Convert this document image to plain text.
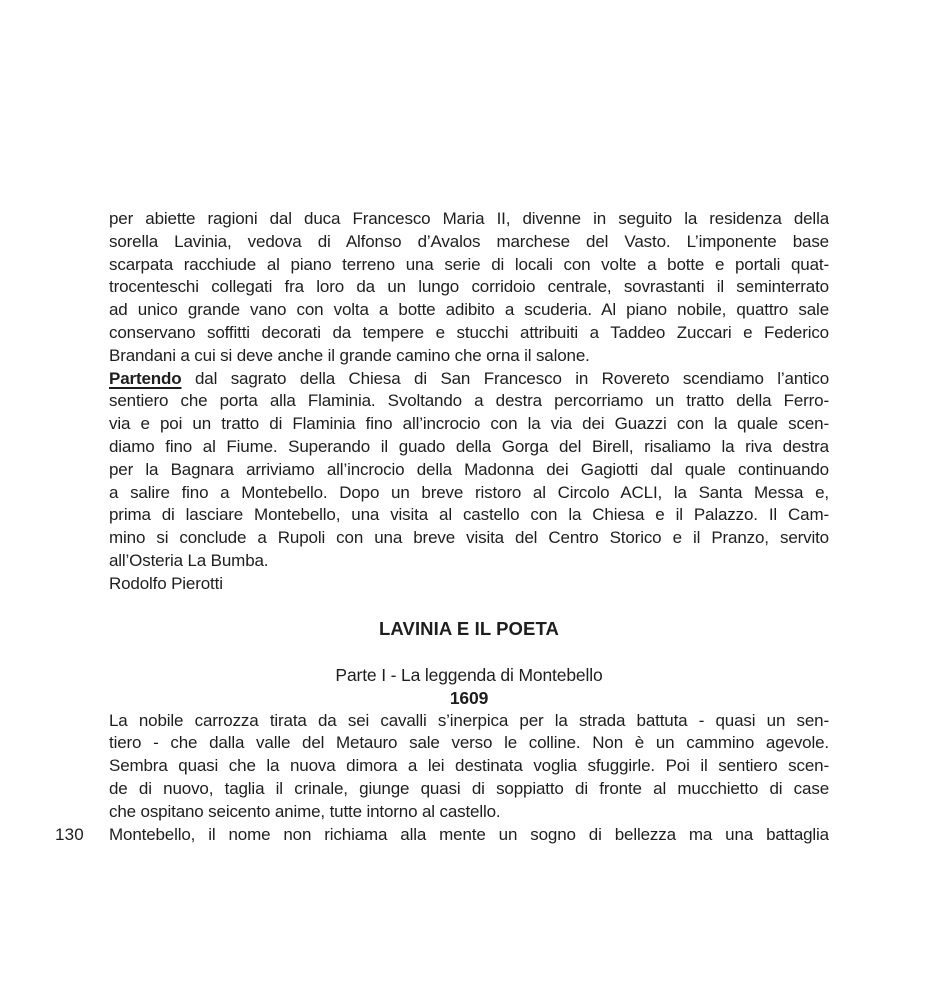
130
per abiette ragioni dal duca Francesco Maria II, divenne in seguito la residenza della
sorella Lavinia, vedova di Alfonso d’Avalos marchese del Vasto. L’imponente base
scarpata racchiude al piano terreno una serie di locali con volte a botte e portali quat-
trocenteschi collegati fra loro da un lungo corridoio centrale, sovrastanti il seminterrato
ad unico grande vano con volta a botte adibito a scuderia. Al piano nobile, quattro sale
conservano soffitti decorati da tempere e stucchi attribuiti a Taddeo Zuccari e Federico
Brandani a cui si deve anche il grande camino che orna il salone.
Partendo dal sagrato della Chiesa di San Francesco in Rovereto scendiamo l’antico
sentiero che porta alla Flaminia. Svoltando a destra percorriamo un tratto della Ferro-
via e poi un tratto di Flaminia fino all’incrocio con la via dei Guazzi con la quale scen-
diamo fino al Fiume. Superando il guado della Gorga del Birell, risaliamo la riva destra
per la Bagnara arriviamo all’incrocio della Madonna dei Gagiotti dal quale continuando
a salire fino a Montebello. Dopo un breve ristoro al Circolo ACLI, la Santa Messa e,
prima di lasciare Montebello, una visita al castello con la Chiesa e il Palazzo. Il Cam-
mino si conclude a Rupoli con una breve visita del Centro Storico e il Pranzo, servito
all’Osteria La Bumba.
Rodolfo Pierotti
LAVINIA E IL POETA
Parte I - La leggenda di Montebello
1609
La nobile carrozza tirata da sei cavalli s’inerpica per la strada battuta - quasi un sen-
tiero - che dalla valle del Metauro sale verso le colline. Non è un cammino agevole.
Sembra quasi che la nuova dimora a lei destinata voglia sfuggirle. Poi il sentiero scen-
de di nuovo, taglia il crinale, giunge quasi di soppiatto di fronte al mucchietto di case
che ospitano seicento anime, tutte intorno al castello.
Montebello, il nome non richiama alla mente un sogno di bellezza ma una battaglia
